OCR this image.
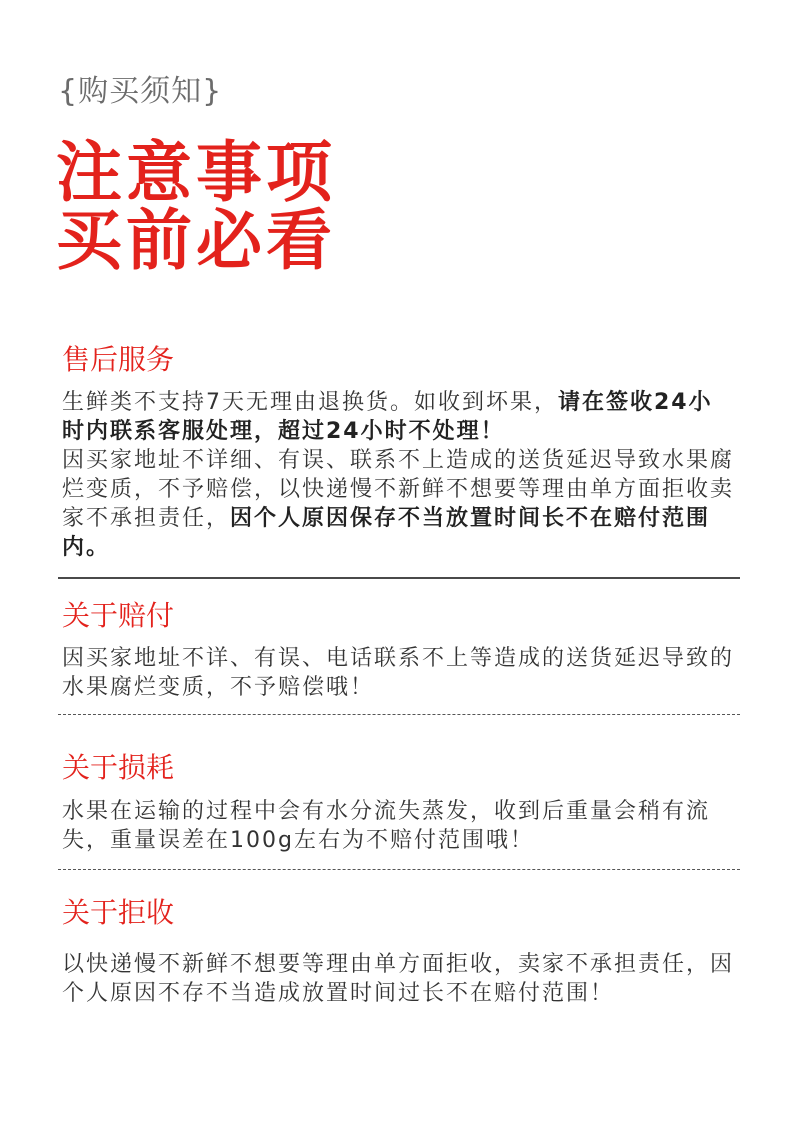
{购买须知}
注意事项
买前必看
售后服务

生鲜类不支持7天无理由退换货。如收到坏果，请在签收24小时内联系客服处理，超过24小时不处理！
因买家地址不详细、有误、联系不上造成的送货延迟导致水果腐烂变质，不予赔偿，以快递慢不新鲜不想要等理由单方面拒收卖家不承担责任，因个人原因保存不当放置时间长不在赔付范围内。

关于赔付

因买家地址不详、有误、电话联系不上等造成的送货延迟导致的水果腐烂变质，不予赔偿哦！

关于损耗

水果在运输的过程中会有水分流失蒸发，收到后重量会稍有流失，重量误差在100g左右为不赔付范围哦！

关于拒收

以快递慢不新鲜不想要等理由单方面拒收，卖家不承担责任，因个人原因不存不当造成放置时间过长不在赔付范围！
